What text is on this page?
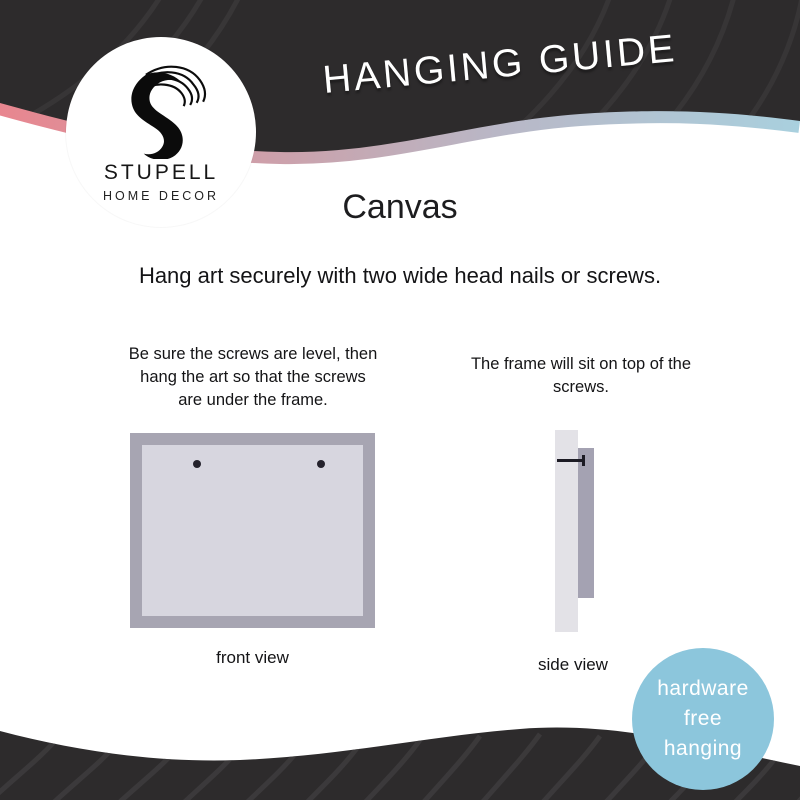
HANGING GUIDE
STUPELL
HOME DECOR	Canvas
Hang art securely with two wide head nails or screws.
Be sure the screws are level, then hang the art so that the screws are under the frame.
The frame will sit on top of the screws.
front view	side view
hardware
free
hanging
